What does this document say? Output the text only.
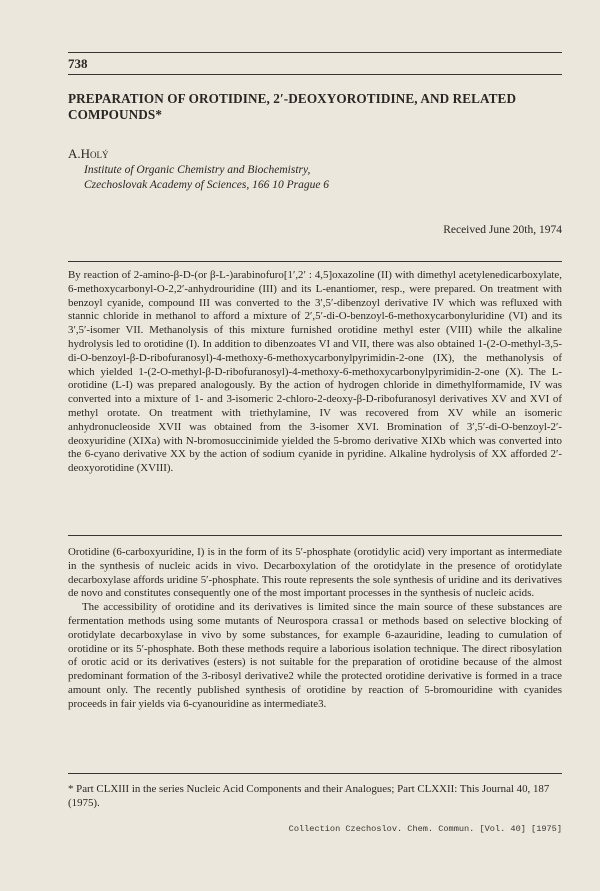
738
PREPARATION OF OROTIDINE, 2′-DEOXYOROTIDINE, AND RELATED COMPOUNDS*
A.Holý
Institute of Organic Chemistry and Biochemistry,
Czechoslovak Academy of Sciences, 166 10 Prague 6
Received June 20th, 1974
By reaction of 2-amino-β-D-(or β-L-)arabinofuro[1′,2′ : 4,5]oxazoline (II) with dimethyl acetylenedicarboxylate, 6-methoxycarbonyl-O-2,2′-anhydrouridine (III) and its L-enantiomer, resp., were prepared. On treatment with benzoyl cyanide, compound III was converted to the 3′,5′-dibenzoyl derivative IV which was refluxed with stannic chloride in methanol to afford a mixture of 2′,5′-di-O-benzoyl-6-methoxycarbonyluridine (VI) and its 3′,5′-isomer VII. Methanolysis of this mixture furnished orotidine methyl ester (VIII) while the alkaline hydrolysis led to orotidine (I). In addition to dibenzoates VI and VII, there was also obtained 1-(2-O-methyl-3,5-di-O-benzoyl-β-D-ribofuranosyl)-4-methoxy-6-methoxycarbonylpyrimidin-2-one (IX), the methanolysis of which yielded 1-(2-O-methyl-β-D-ribofuranosyl)-4-methoxy-6-methoxycarbonylpyrimidin-2-one (X). The L-orotidine (L-I) was prepared analogously. By the action of hydrogen chloride in dimethylformamide, IV was converted into a mixture of 1- and 3-isomeric 2-chloro-2-deoxy-β-D-ribofuranosyl derivatives XV and XVI of methyl orotate. On treatment with triethylamine, IV was recovered from XV while an isomeric anhydronucleoside XVII was obtained from the 3-isomer XVI. Bromination of 3′,5′-di-O-benzoyl-2′-deoxyuridine (XIXa) with N-bromosuccinimide yielded the 5-bromo derivative XIXb which was converted into the 6-cyano derivative XX by the action of sodium cyanide in pyridine. Alkaline hydrolysis of XX afforded 2′-deoxyorotidine (XVIII).

Orotidine (6-carboxyuridine, I) is in the form of its 5′-phosphate (orotidylic acid) very important as intermediate in the synthesis of nucleic acids in vivo. Decarboxylation of the orotidylate in the presence of orotidylate decarboxylase affords uridine 5′-phosphate. This route represents the sole synthesis of uridine and its derivatives de novo and constitutes consequently one of the most important processes in the synthesis of nucleic acids.

The accessibility of orotidine and its derivatives is limited since the main source of these substances are fermentation methods using some mutants of Neurospora crassa1 or methods based on selective blocking of orotidylate decarboxylase in vivo by some substances, for example 6-azauridine, leading to cumulation of orotidine or its 5′-phosphate. Both these methods require a laborious isolation technique. The direct ribosylation of orotic acid or its derivatives (esters) is not suitable for the preparation of orotidine because of the almost predominant formation of the 3-ribosyl derivative2 while the protected orotidine derivative is formed in a trace amount only. The recently published synthesis of orotidine by reaction of 5-bromouridine with cyanides proceeds in fair yields via 6-cyanouridine as intermediate3.

* Part CLXIII in the series Nucleic Acid Components and their Analogues; Part CLXXII: This Journal 40, 187 (1975).
Collection Czechoslov. Chem. Commun. [Vol. 40] [1975]
